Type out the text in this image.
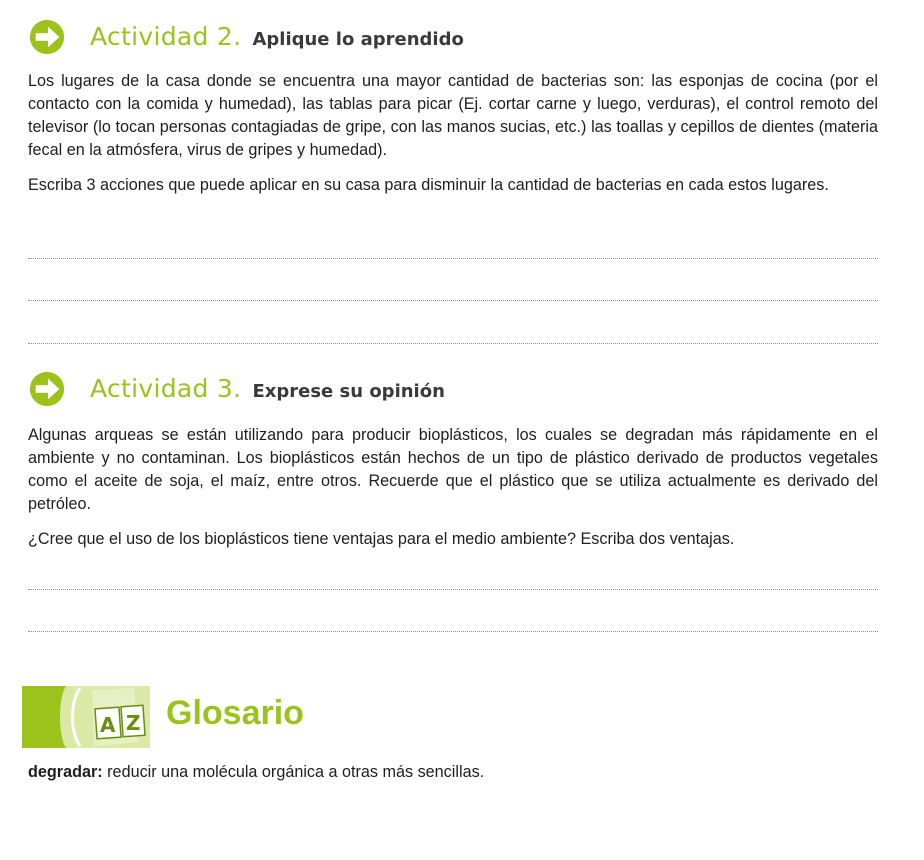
Actividad 2. Aplique lo aprendido

Los lugares de la casa donde se encuentra una mayor cantidad de bacterias son: las esponjas de cocina (por el contacto con la comida y humedad), las tablas para picar (Ej. cortar carne y luego, verduras), el control remoto del televisor (lo tocan personas contagiadas de gripe, con las manos sucias, etc.) las toallas y cepillos de dientes (materia fecal en la atmósfera, virus de gripes y humedad).

Escriba 3 acciones que puede aplicar en su casa para disminuir la cantidad de bacterias en cada estos lugares.

Actividad 3. Exprese su opinión

Algunas arqueas se están utilizando para producir bioplásticos, los cuales se degradan más rápidamente en el ambiente y no contaminan. Los bioplásticos están hechos de un tipo de plástico derivado de productos vegetales como el aceite de soja, el maíz, entre otros. Recuerde que el plástico que se utiliza actualmente es derivado del petróleo.

¿Cree que el uso de los bioplásticos tiene ventajas para el medio ambiente? Escriba dos ventajas.

A Z Glosario
degradar: reducir una molécula orgánica a otras más sencillas.
